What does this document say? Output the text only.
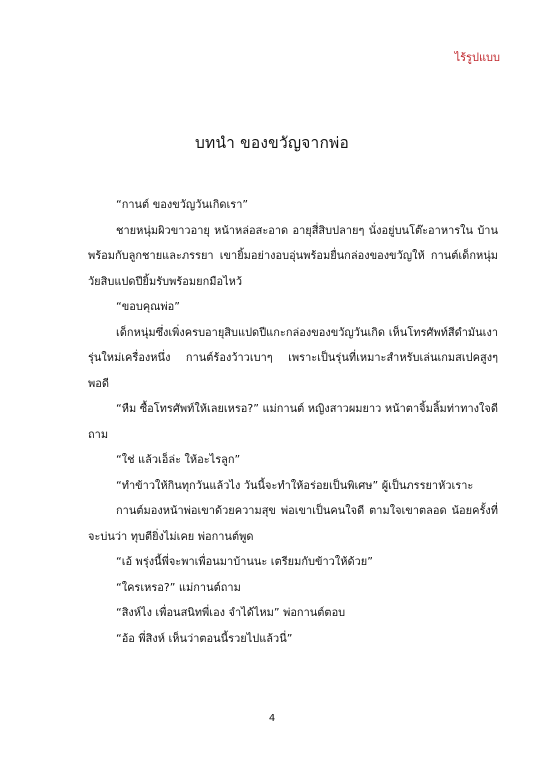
ไร้รูปแบบ
บทนำ ของขวัญจากพ่อ

“กานต์ ของขวัญวันเกิดเรา”

ชายหนุ่มผิวขาวอายุ หน้าหล่อสะอาด อายุสี่สิบปลายๆ นั่งอยู่บนโต๊ะอาหารใน บ้านพร้อมกับลูกชายและภรรยา เขายิ้มอย่างอบอุ่นพร้อมยื่นกล่องของขวัญให้ กานต์เด็กหนุ่มวัยสิบแปดปียิ้มรับพร้อมยกมือไหว้

“ขอบคุณพ่อ”

เด็กหนุ่มซึ่งเพิ่งครบอายุสิบแปดปีแกะกล่องของขวัญวันเกิด เห็นโทรศัพท์สีดำมันเงารุ่นใหม่เครื่องหนึ่ง กานต์ร้องว้าวเบาๆ เพราะเป็นรุ่นที่เหมาะสำหรับเล่นเกมสเปคสูงๆ พอดี

“หืม ซื้อโทรศัพท์ให้เลยเหรอ?” แม่กานต์ หญิงสาวผมยาว หน้าตาจิ้มลิ้มท่าทางใจดีถาม

“ใช่ แล้วเอ็ล่ะ ให้อะไรลูก”

“ทำข้าวให้กินทุกวันแล้วไง วันนี้จะทำให้อร่อยเป็นพิเศษ” ผู้เป็นภรรยาหัวเราะ

กานต์มองหน้าพ่อเขาด้วยความสุข พ่อเขาเป็นคนใจดี ตามใจเขาตลอด น้อยครั้งที่จะบ่นว่า ทุบตียิ่งไม่เคย พ่อกานต์พูด

“เอ้ พรุ่งนี้พี่จะพาเพื่อนมาบ้านนะ เตรียมกับข้าวให้ด้วย”

“ใครเหรอ?” แม่กานต์ถาม

“สิงห์ไง เพื่อนสนิทพี่เอง จำได้ไหม” พ่อกานต์ตอบ

“อ้อ พี่สิงห์ เห็นว่าตอนนี้รวยไปแล้วนี่”

4
